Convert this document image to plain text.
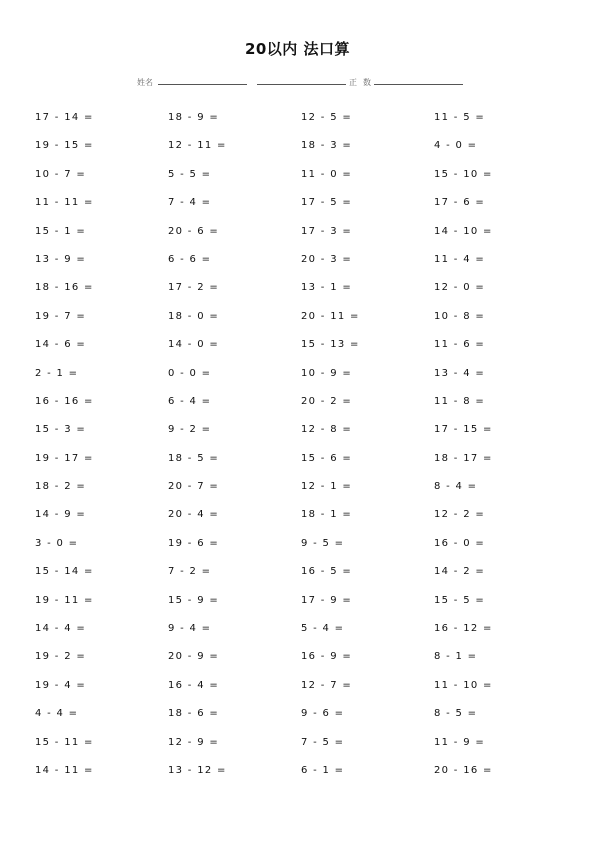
20以内 法口算
姓名	正 数
17 - 14 =	18 - 9 =	12 - 5 =	11 - 5 =
19 - 15 =	12 - 11 =	18 - 3 =	4 - 0 =
10 - 7 =	5 - 5 =	11 - 0 =	15 - 10 =
11 - 11 =	7 - 4 =	17 - 5 =	17 - 6 =
15 - 1 =	20 - 6 =	17 - 3 =	14 - 10 =
13 - 9 =	6 - 6 =	20 - 3 =	11 - 4 =
18 - 16 =	17 - 2 =	13 - 1 =	12 - 0 =
19 - 7 =	18 - 0 =	20 - 11 =	10 - 8 =
14 - 6 =	14 - 0 =	15 - 13 =	11 - 6 =
2 - 1 =	0 - 0 =	10 - 9 =	13 - 4 =
16 - 16 =	6 - 4 =	20 - 2 =	11 - 8 =
15 - 3 =	9 - 2 =	12 - 8 =	17 - 15 =
19 - 17 =	18 - 5 =	15 - 6 =	18 - 17 =
18 - 2 =	20 - 7 =	12 - 1 =	8 - 4 =
14 - 9 =	20 - 4 =	18 - 1 =	12 - 2 =
3 - 0 =	19 - 6 =	9 - 5 =	16 - 0 =
15 - 14 =	7 - 2 =	16 - 5 =	14 - 2 =
19 - 11 =	15 - 9 =	17 - 9 =	15 - 5 =
14 - 4 =	9 - 4 =	5 - 4 =	16 - 12 =
19 - 2 =	20 - 9 =	16 - 9 =	8 - 1 =
19 - 4 =	16 - 4 =	12 - 7 =	11 - 10 =
4 - 4 =	18 - 6 =	9 - 6 =	8 - 5 =
15 - 11 =	12 - 9 =	7 - 5 =	11 - 9 =
14 - 11 =	13 - 12 =	6 - 1 =	20 - 16 =
